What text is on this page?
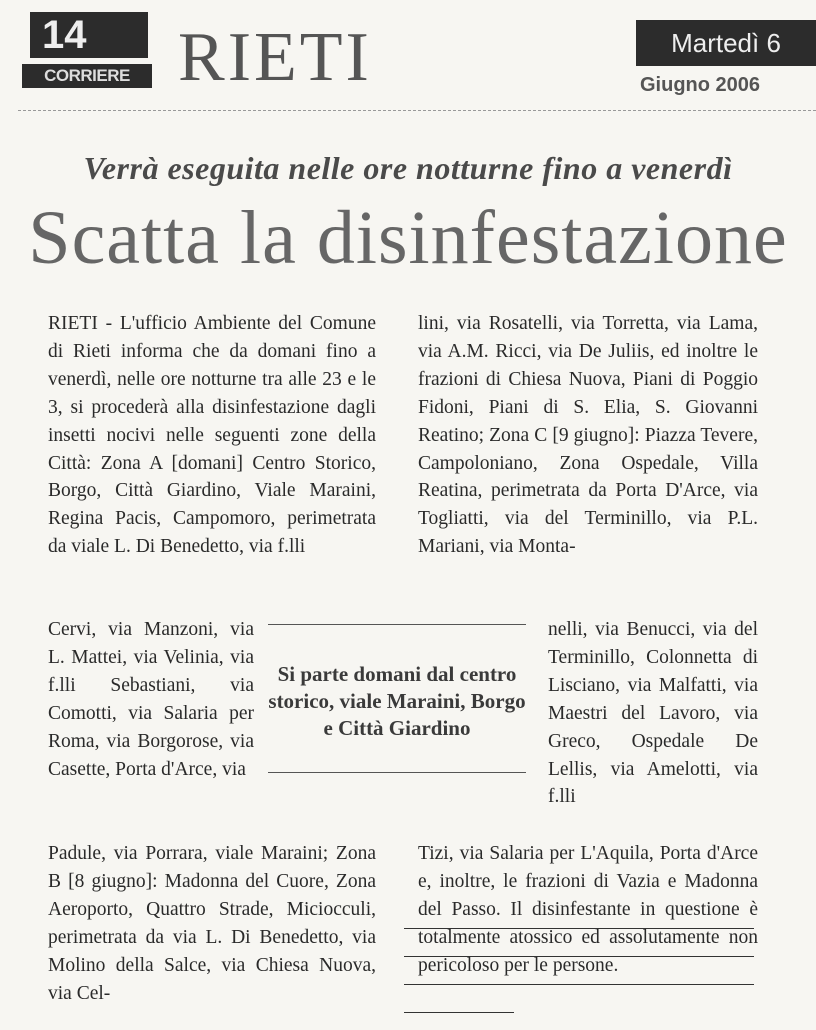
14
CORRIERE RIETI	Martedì 6
Giugno 2006
Verrà eseguita nelle ore notturne fino a venerdì
Scatta la disinfestazione

RIETI - L'ufficio Ambiente del Comune di Rieti informa che da domani fino a venerdì, nelle ore notturne tra alle 23 e le 3, si procederà alla disinfestazione dagli insetti nocivi nelle seguenti zone della Città: Zona A [domani] Centro Storico, Borgo, Città Giardino, Viale Maraini, Regina Pacis, Campomoro, perimetrata da viale L. Di Benedetto, via f.lli

Cervi, via Manzoni, via L. Mattei, via Velinia, via f.lli Sebastiani, via Comotti, via Salaria per Roma, via Borgorose, via Casette, Porta d'Arce, via

Padule, via Porrara, viale Maraini; Zona B [8 giugno]: Madonna del Cuore, Zona Aeroporto, Quattro Strade, Miciocculi, perimetrata da via L. Di Benedetto, via Molino della Salce, via Chiesa Nuova, via Cel-

lini, via Rosatelli, via Torretta, via Lama, via A.M. Ricci, via De Juliis, ed inoltre le frazioni di Chiesa Nuova, Piani di Poggio Fidoni, Piani di S. Elia, S. Giovanni Reatino; Zona C [9 giugno]: Piazza Tevere, Campoloniano, Zona Ospedale, Villa Reatina, perimetrata da Porta D'Arce, via Togliatti, via del Terminillo, via P.L. Mariani, via Monta-

nelli, via Benucci, via del Terminillo, Colonnetta di Lisciano, via Malfatti, via Maestri del Lavoro, via Greco, Ospedale De Lellis, via Amelotti, via f.lli

Tizi, via Salaria per L'Aquila, Porta d'Arce e, inoltre, le frazioni di Vazia e Madonna del Passo. Il disinfestante in questione è totalmente atossico ed assolutamente non pericoloso per le persone.

Si parte domani dal centro storico, viale Maraini, Borgo e Città Giardino
